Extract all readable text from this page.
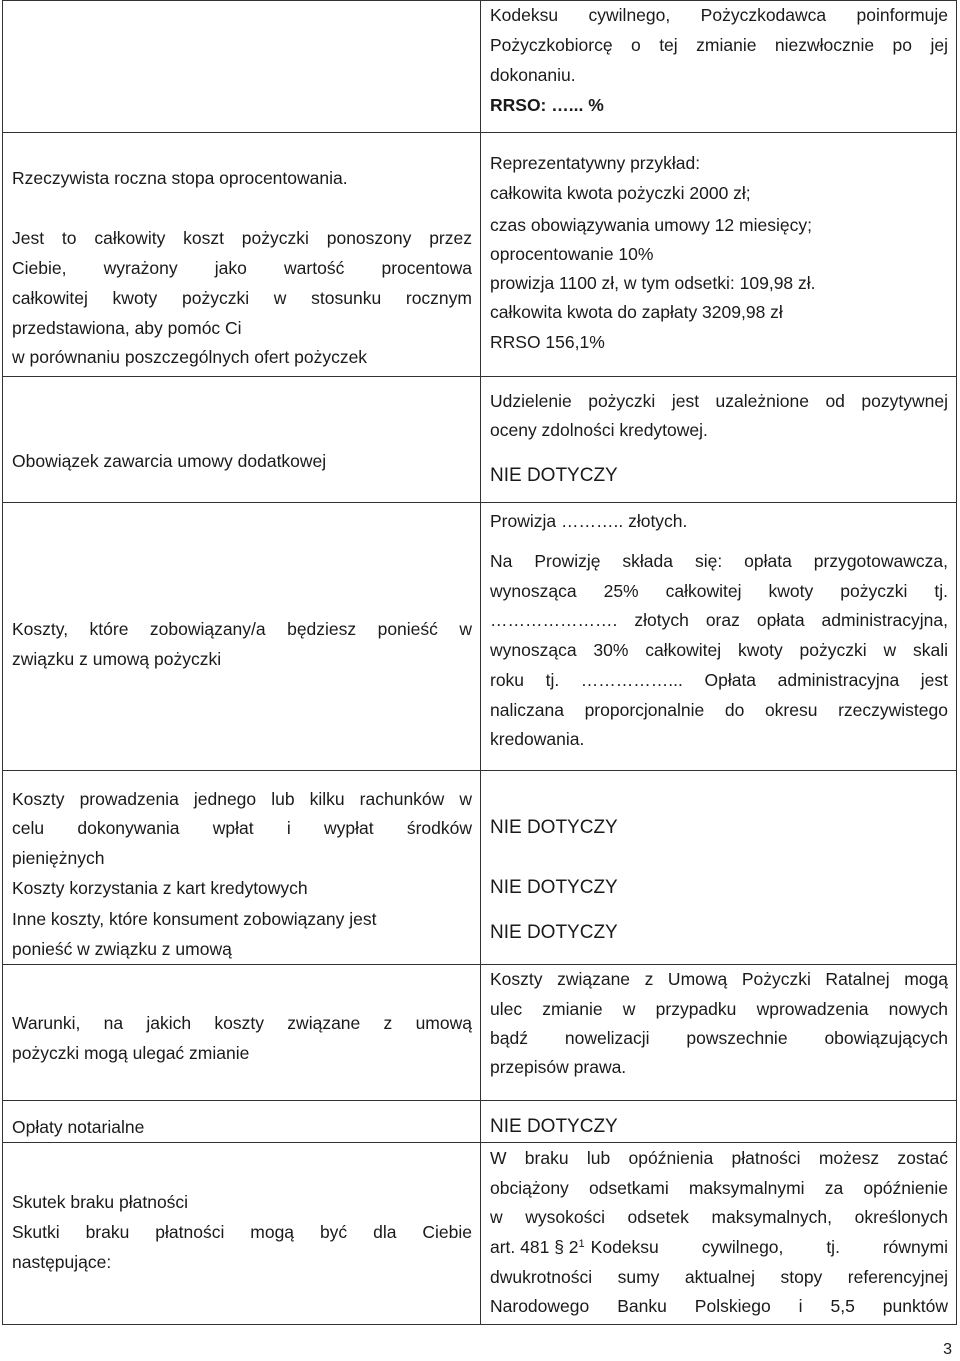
Kodeksu cywilnego, Pożyczkodawca poinformuje
Pożyczkobiorcę o tej zmianie niezwłocznie po jej
dokonaniu.
RRSO: …... %
Rzeczywista roczna stopa oprocentowania.
Jest to całkowity koszt pożyczki ponoszony przez
Ciebie, wyrażony jako wartość procentowa
całkowitej kwoty pożyczki w stosunku rocznym
przedstawiona, aby pomóc Ci
w porównaniu poszczególnych ofert pożyczek
Reprezentatywny przykład:
całkowita kwota pożyczki 2000 zł;
czas obowiązywania umowy 12 miesięcy;
oprocentowanie 10%
prowizja 1100 zł, w tym odsetki: 109,98 zł.
całkowita kwota do zapłaty 3209,98 zł
RRSO 156,1%
Obowiązek zawarcia umowy dodatkowej
Udzielenie pożyczki jest uzależnione od pozytywnej
oceny zdolności kredytowej.
NIE DOTYCZY
Koszty, które zobowiązany/a będziesz ponieść w
związku z umową pożyczki
Prowizja ……….. złotych.
Na Prowizję składa się: opłata przygotowawcza,
wynosząca 25% całkowitej kwoty pożyczki tj.
…………………. złotych oraz opłata administracyjna,
wynosząca 30% całkowitej kwoty pożyczki w skali
roku tj. ……………... Opłata administracyjna jest
naliczana proporcjonalnie do okresu rzeczywistego
kredowania.
Koszty prowadzenia jednego lub kilku rachunków w
celu dokonywania wpłat i wypłat środków
pieniężnych
Koszty korzystania z kart kredytowych
Inne koszty, które konsument zobowiązany jest
ponieść w związku z umową
NIE DOTYCZY
NIE DOTYCZY
NIE DOTYCZY
Warunki, na jakich koszty związane z umową
pożyczki mogą ulegać zmianie
Koszty związane z Umową Pożyczki Ratalnej mogą
ulec zmianie w przypadku wprowadzenia nowych
bądź nowelizacji powszechnie obowiązujących
przepisów prawa.
Opłaty notarialne	NIE DOTYCZY
Skutek braku płatności
Skutki braku płatności mogą być dla Ciebie
następujące:
W braku lub opóźnienia płatności możesz zostać
obciążony odsetkami maksymalnymi za opóźnienie
w wysokości odsetek maksymalnych, określonych
art. 481 § $2^1$ Kodeksu cywilnego, tj. równymi
dwukrotności sumy aktualnej stopy referencyjnej
Narodowego Banku Polskiego i 5,5 punktów
3
